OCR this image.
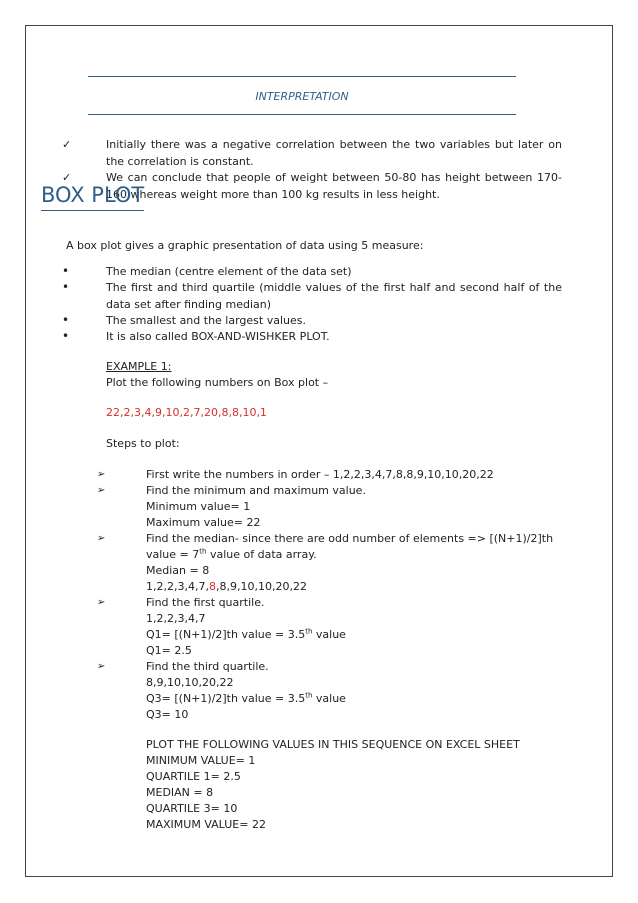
INTERPRETATION
✓	Initially there was a negative correlation between the two variables but later on the correlation is constant.
✓	We can conclude that people of weight between 50-80 has height between 170-160 whereas weight more than 100 kg results in less height.
BOX PLOT
A box plot gives a graphic presentation of data using 5 measure:
•	The median (centre element of the data set)
•	The first and third quartile (middle values of the first half and second half of the data set after finding median)
•	The smallest and the largest values.
•	It is also called BOX-AND-WISHKER PLOT.
EXAMPLE 1:
Plot the following numbers on Box plot –
22,2,3,4,9,10,2,7,20,8,8,10,1
Steps to plot:
➢	First write the numbers in order – 1,2,2,3,4,7,8,8,9,10,10,20,22
➢	Find the minimum and maximum value.
Minimum value= 1
Maximum value= 22
➢	Find the median- since there are odd number of elements => [(N+1)/2]th
value = 7th value of data array.
Median = 8
1,2,2,3,4,7,8,8,9,10,10,20,22
➢	Find the first quartile.
1,2,2,3,4,7
Q1= [(N+1)/2]th value = 3.5th value
Q1= 2.5
➢	Find the third quartile.
8,9,10,10,20,22
Q3= [(N+1)/2]th value = 3.5th value
Q3= 10
PLOT THE FOLLOWING VALUES IN THIS SEQUENCE ON EXCEL SHEET
MINIMUM VALUE= 1
QUARTILE 1= 2.5
MEDIAN = 8
QUARTILE 3= 10
MAXIMUM VALUE= 22
